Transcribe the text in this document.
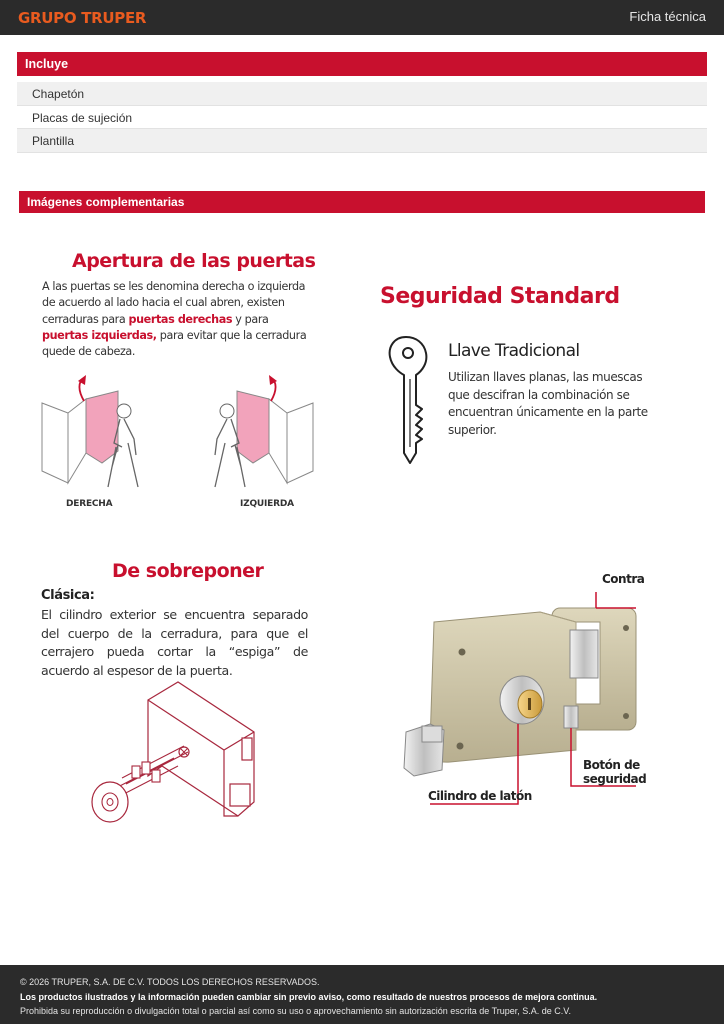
GRUPO TRUPER	Ficha técnica
Incluye
Chapetón
Placas de sujeción
Plantilla
Imágenes complementarias
Apertura de las puertas
A las puertas se les denomina derecha o izquierda de acuerdo al lado hacia el cual abren, existen cerraduras para puertas derechas y para puertas izquierdas, para evitar que la cerradura quede de cabeza.
DERECHA	IZQUIERDA
Seguridad Standard
Llave Tradicional
Utilizan llaves planas, las muescas que descifran la combinación se encuentran únicamente en la parte superior.
De sobreponer
Clásica:
El cilindro exterior se encuentra separado del cuerpo de la cerradura, para que el cerrajero pueda cortar la “espiga” de acuerdo al espesor de la puerta.
Contra
Botón de
seguridad
Cilindro de latón
© 2026 TRUPER, S.A. DE C.V. TODOS LOS DERECHOS RESERVADOS.
Los productos ilustrados y la información pueden cambiar sin previo aviso, como resultado de nuestros procesos de mejora continua.
Prohibida su reproducción o divulgación total o parcial así como su uso o aprovechamiento sin autorización escrita de Truper, S.A. de C.V.
